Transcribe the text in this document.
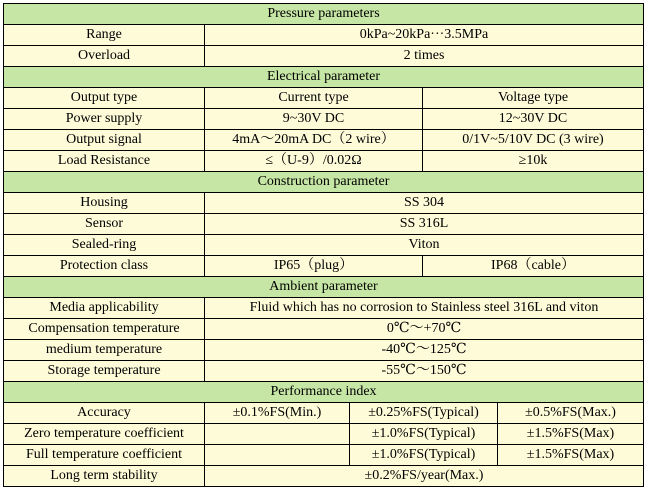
Pressure parameters				
Range	0kPa~20kPa···3.5MPa			
Overload	2 times			
Electrical parameter				
Output type	Current type		Voltage type	
Power supply	9~30V DC		12~30V DC	
Output signal	4mA～20mA DC（2 wire）		0/1V~5/10V DC (3 wire)	
Load Resistance	≤（U-9）/0.02Ω		≥10k	
Construction parameter				
Housing	SS 304			
Sensor	SS 316L			
Sealed-ring	Viton			
Protection class	IP65（plug）		IP68（cable）	
Ambient parameter				
Media applicability	Fluid which has no corrosion to Stainless steel 316L and viton			
Compensation temperature	0℃～+70℃			
medium temperature	-40℃～125℃			
Storage temperature	-55℃～150℃			
Performance index				
Accuracy	±0.1%FS(Min.)	±0.25%FS(Typical)		±0.5%FS(Max.)
Zero temperature coefficient		±1.0%FS(Typical)		±1.5%FS(Max)
Full temperature coefficient		±1.0%FS(Typical)		±1.5%FS(Max)
Long term stability	±0.2%FS/year(Max.)			
